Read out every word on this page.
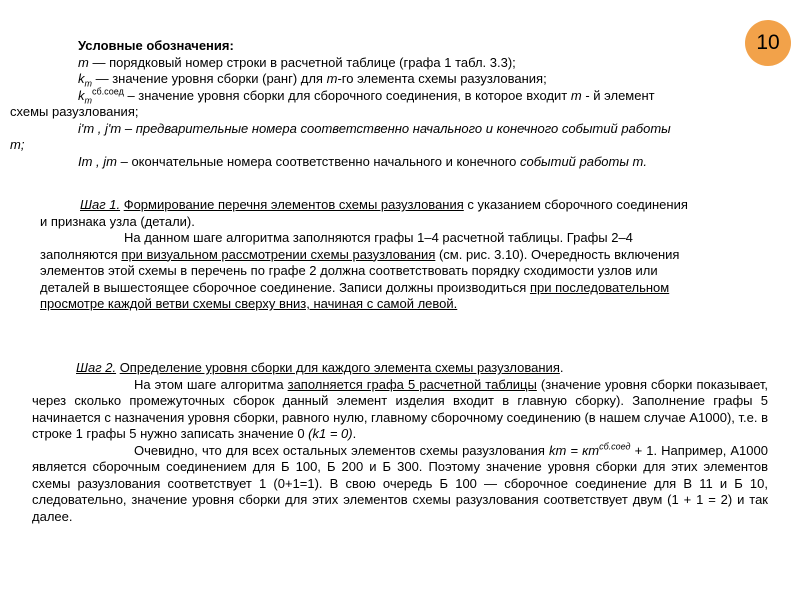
10

Условные обозначения:

m — порядковый номер строки в расчетной таблице (графа 1 табл. 3.3);

$k_m$ — значение уровня сборки (ранг) для m-го элемента схемы разузлования;

$k_m^{сб.соед}$ – значение уровня сборки для сборочного соединения, в которое входит m - й элемент

схемы разузлования;

i'm , j'm – предварительные номера соответственно начального и конечного событий работы

m;

Im , jm – окончательные номера соответственно начального и конечного событий работы m.

Шаг 1. Формирование перечня элементов схемы разузлования с указанием сборочного соединения

и признака узла (детали).

На данном шаге алгоритма заполняются графы 1–4 расчетной таблицы. Графы 2–4

заполняются при визуальном рассмотрении схемы разузлования (см. рис. 3.10). Очередность включения

элементов этой схемы в перечень по графе 2 должна соответствовать порядку сходимости узлов или

деталей в вышестоящее сборочное соединение. Записи должны производиться при последовательном

просмотре каждой ветви схемы сверху вниз, начиная с самой левой.

Шаг 2. Определение уровня сборки для каждого элемента схемы разузлования.

На этом шаге алгоритма заполняется графа 5 расчетной таблицы (значение уровня сборки показывает, через сколько промежуточных сборок данный элемент изделия входит в главную сборку). Заполнение графы 5 начинается с назначения уровня сборки, равного нулю, главному сборочному соединению (в нашем случае А1000), т.е. в строке 1 графы 5 нужно записать значение 0 (k1 = 0).

Очевидно, что для всех остальных элементов схемы разузлования km = $кm^{сб.соед} + 1$. Например, А1000 является сборочным соединением для Б 100, Б 200 и Б 300. Поэтому значение уровня сборки для этих элементов схемы разузлования соответствует 1 (0+1=1). В свою очередь Б 100 — сборочное соединение для В 11 и Б 10, следовательно, значение уровня сборки для этих элементов схемы разузлования соответствует двум (1 + 1 = 2) и так далее.
